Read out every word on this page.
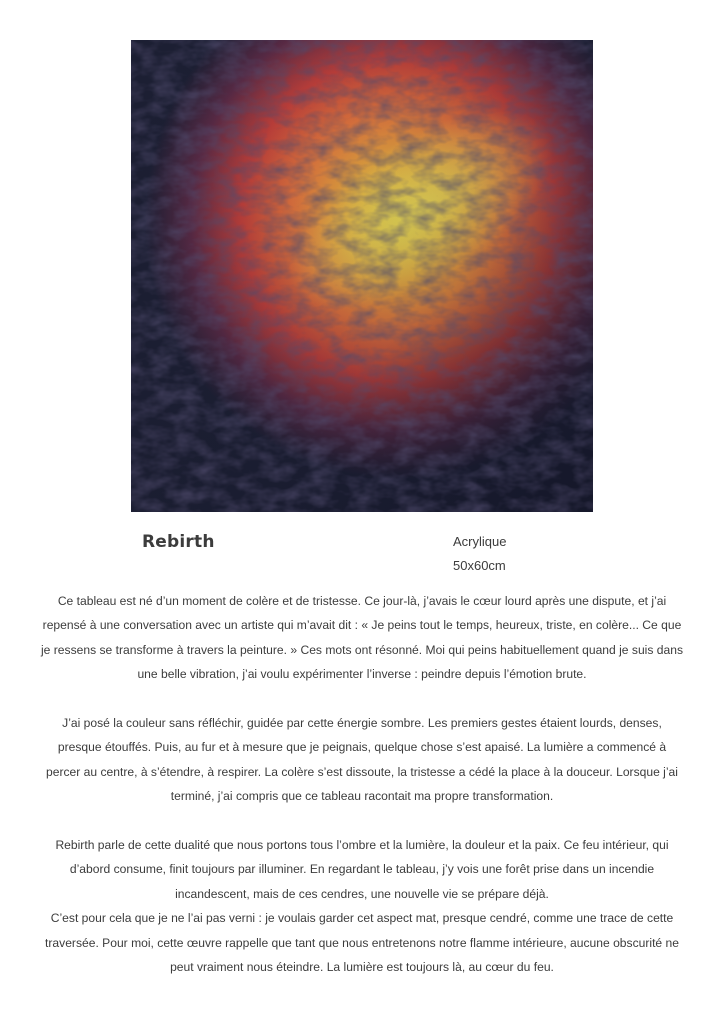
Rebirth	Acrylique
50x60cm

Ce tableau est né d’un moment de colère et de tristesse. Ce jour-là, j’avais le cœur lourd après une dispute, et j’ai repensé à une conversation avec un artiste qui m’avait dit : « Je peins tout le temps, heureux, triste, en colère... Ce que je ressens se transforme à travers la peinture. » Ces mots ont résonné. Moi qui peins habituellement quand je suis dans une belle vibration, j’ai voulu expérimenter l’inverse : peindre depuis l’émotion brute.

J’ai posé la couleur sans réfléchir, guidée par cette énergie sombre. Les premiers gestes étaient lourds, denses, presque étouffés. Puis, au fur et à mesure que je peignais, quelque chose s’est apaisé. La lumière a commencé à percer au centre, à s’étendre, à respirer. La colère s’est dissoute, la tristesse a cédé la place à la douceur. Lorsque j’ai terminé, j’ai compris que ce tableau racontait ma propre transformation.

Rebirth parle de cette dualité que nous portons tous l’ombre et la lumière, la douleur et la paix. Ce feu intérieur, qui d’abord consume, finit toujours par illuminer. En regardant le tableau, j’y vois une forêt prise dans un incendie incandescent, mais de ces cendres, une nouvelle vie se prépare déjà.

C’est pour cela que je ne l’ai pas verni : je voulais garder cet aspect mat, presque cendré, comme une trace de cette traversée. Pour moi, cette œuvre rappelle que tant que nous entretenons notre flamme intérieure, aucune obscurité ne peut vraiment nous éteindre. La lumière est toujours là, au cœur du feu.
